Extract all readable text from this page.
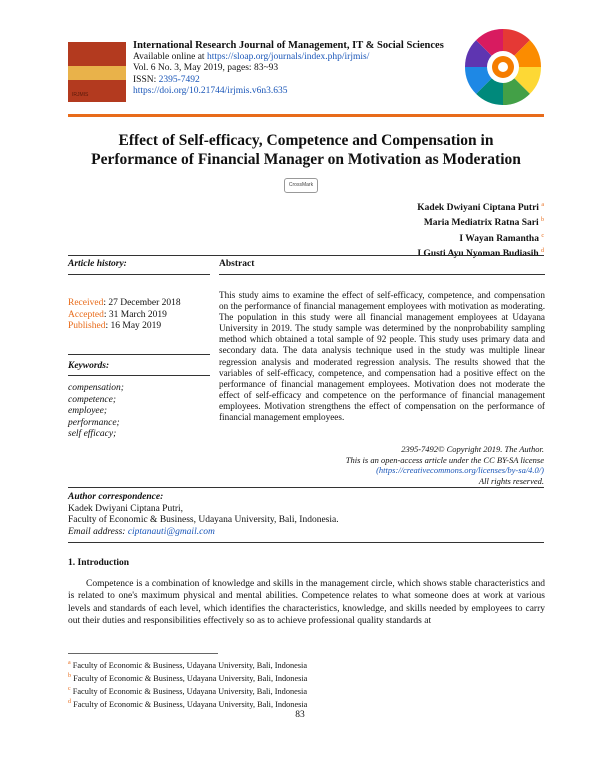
IRJMIS
International Research Journal of Management, IT & Social Sciences
Available online at https://sloap.org/journals/index.php/irjmis/
Vol. 6 No. 3, May 2019, pages: 83~93
ISSN: 2395-7492
https://doi.org/10.21744/irjmis.v6n3.635
Effect of Self-efficacy, Competence and Compensation in
Performance of Financial Manager on Motivation as Moderation
CrossMark
Kadek Dwiyani Ciptana Putri $^a$
Maria Mediatrix Ratna Sari $^b$
I Wayan Ramantha $^c$
$^d$
Article history:	Abstract
Received: 27 December 2018
Accepted: 31 March 2019
Published: 16 May 2019
Keywords:
compensation;
competence;
employee;
performance;
self efficacy;
This study aims to examine the effect of self-efficacy, competence, and compensation on the performance of financial management employees with motivation as moderating. The population in this study were all financial management employees at Udayana University in 2019. The study sample was determined by the nonprobability sampling method which obtained a total sample of 92 people. This study uses primary data and secondary data. The data analysis technique used in the study was multiple linear regression analysis and moderated regression analysis. The results showed that the variables of self-efficacy, competence, and compensation had a positive effect on the performance of financial management employees. Motivation does not moderate the effect of self-efficacy and competence on the performance of financial management employees. Motivation strengthens the effect of compensation on the performance of financial management employees.
2395-7492© Copyright 2019. The Author.
This is an open-access article under the CC BY-SA license
(https://creativecommons.org/licenses/by-sa/4.0/)
All rights reserved.
Author correspondence:
Kadek Dwiyani Ciptana Putri,
Faculty of Economic & Business, Udayana University, Bali, Indonesia.
Email address: ciptanauti@gmail.com
1. Introduction
Competence is a combination of knowledge and skills in the management circle, which shows stable characteristics and is related to one's maximum physical and mental abilities. Competence relates to what someone does at work at various levels and standards of each level, which identifies the characteristics, knowledge, and skills needed by employees to carry out their duties and responsibilities effectively so as to achieve professional quality standards at
$^a$ Faculty of Economic & Business, Udayana University, Bali, Indonesia
$^b$ Faculty of Economic & Business, Udayana University, Bali, Indonesia
$^c$ Faculty of Economic & Business, Udayana University, Bali, Indonesia
$^d$ Faculty of Economic & Business, Udayana University, Bali, Indonesia
83
